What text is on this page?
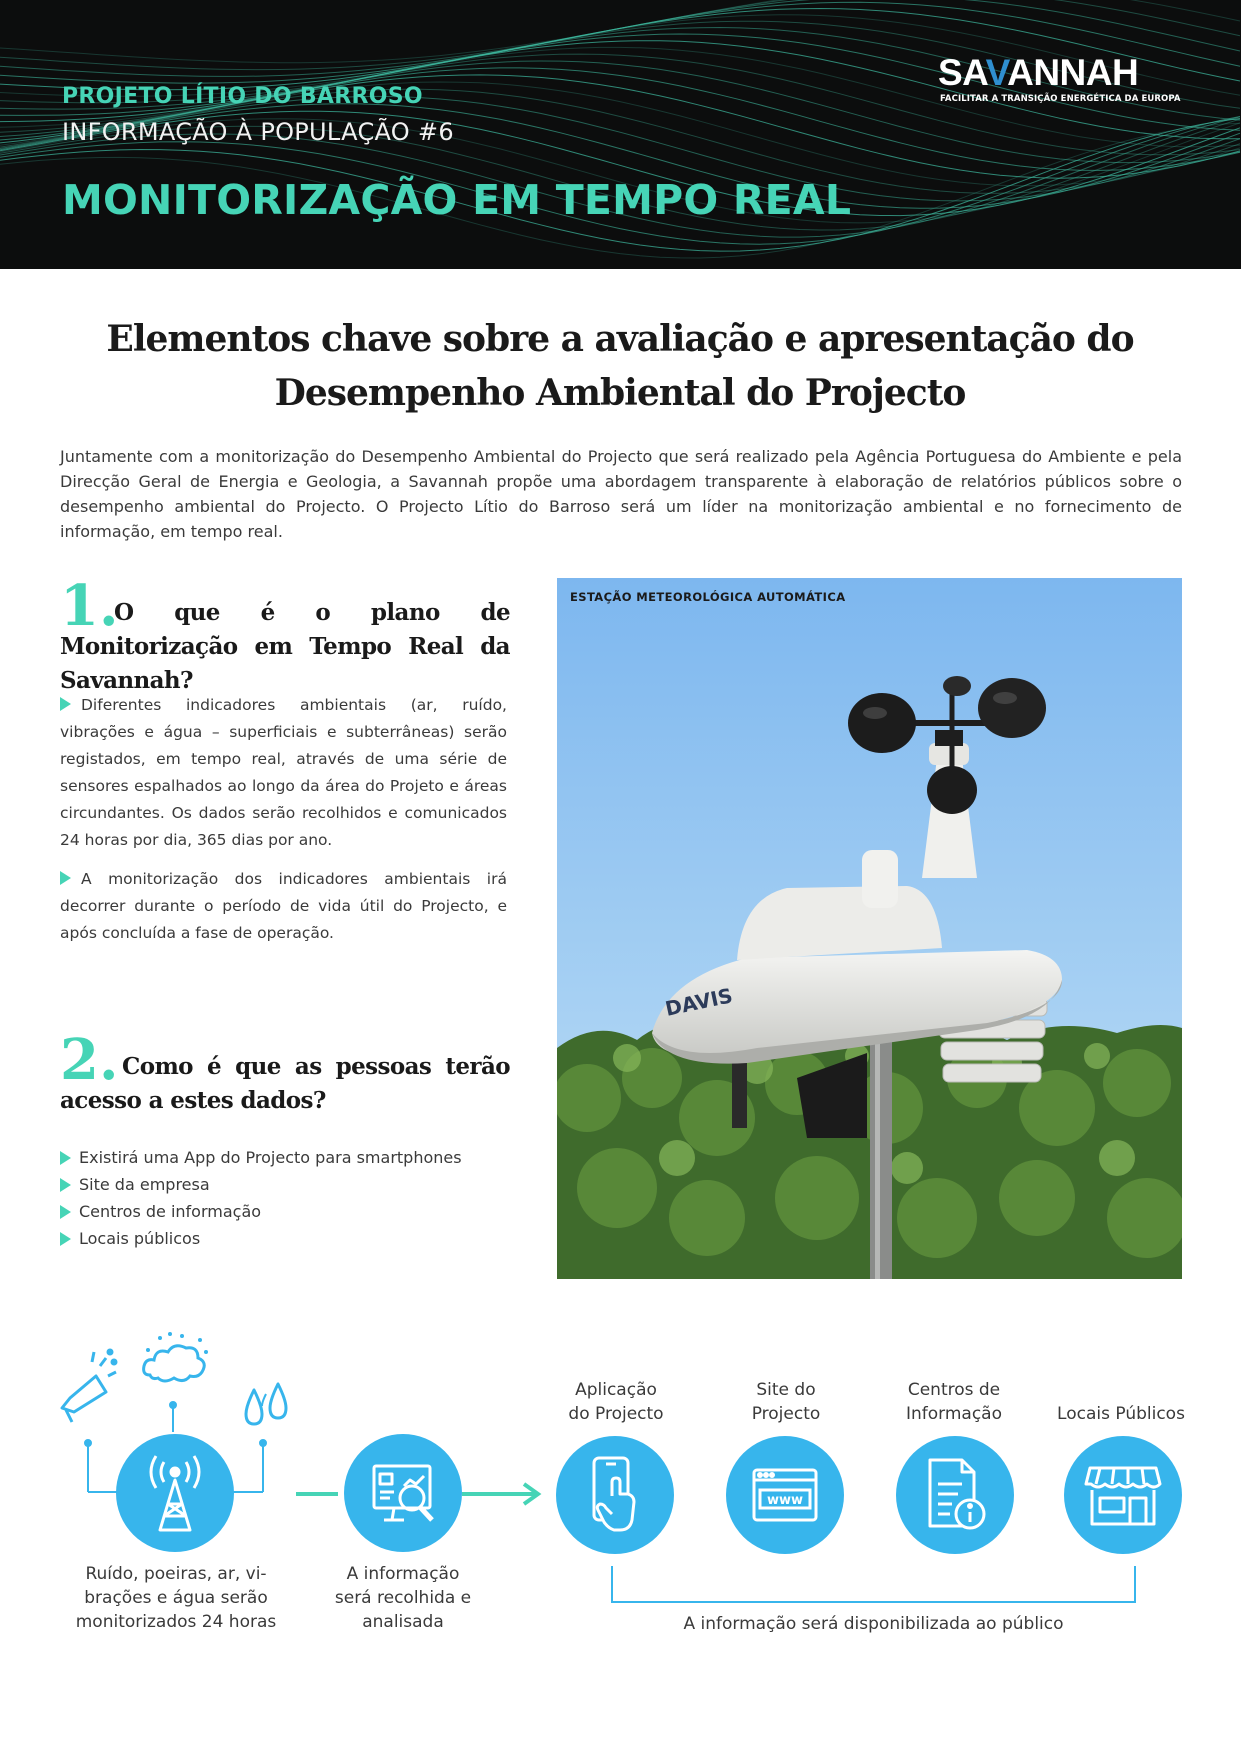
PROJETO LÍTIO DO BARROSO
INFORMAÇÃO À POPULAÇÃO #6
MONITORIZAÇÃO EM TEMPO REAL
SAVANNAH
FACILITAR A TRANSIÇÃO ENERGÉTICA DA EUROPA
Elementos chave sobre a avaliação e apresentação do
Desempenho Ambiental do Projecto

Juntamente com a monitorização do Desempenho Ambiental do Projecto que será realizado pela Agência Portuguesa do Ambiente e pela Direcção Geral de Energia e Geologia, a Savannah propõe uma abordagem transparente à elaboração de relatórios públicos sobre o desempenho ambiental do Projecto. O Projecto Lítio do Barroso será um líder na monitorização ambiental e no fornecimento de informação, em tempo real.

1.
O que é o plano de Monitorização em Tempo Real da Savannah?

Diferentes indicadores ambientais (ar, ruído, vibrações e água – superficiais e subterrâneas) serão registados, em tempo real, através de uma série de sensores espalhados ao longo da área do Projeto e áreas circundantes. Os dados serão recolhidos e comunicados 24 horas por dia, 365 dias por ano.

A monitorização dos indicadores ambientais irá decorrer durante o período de vida útil do Projecto, e após concluída a fase de operação.

2. Como é que as pessoas terão acesso a estes dados?
Existirá uma App do Projecto para smartphones
Site da empresa
Centros de informação
Locais públicos
DAVIS
ESTAÇÃO METEOROLÓGICA AUTOMÁTICA
www
Aplicação
do Projecto
Site do
Projecto
Centros de
Informação	Locais Públicos
Ruído, poeiras, ar, vi-
brações e água serão
monitorizados 24 horas
A informação
será recolhida e
analisada	A informação será disponibilizada ao público
